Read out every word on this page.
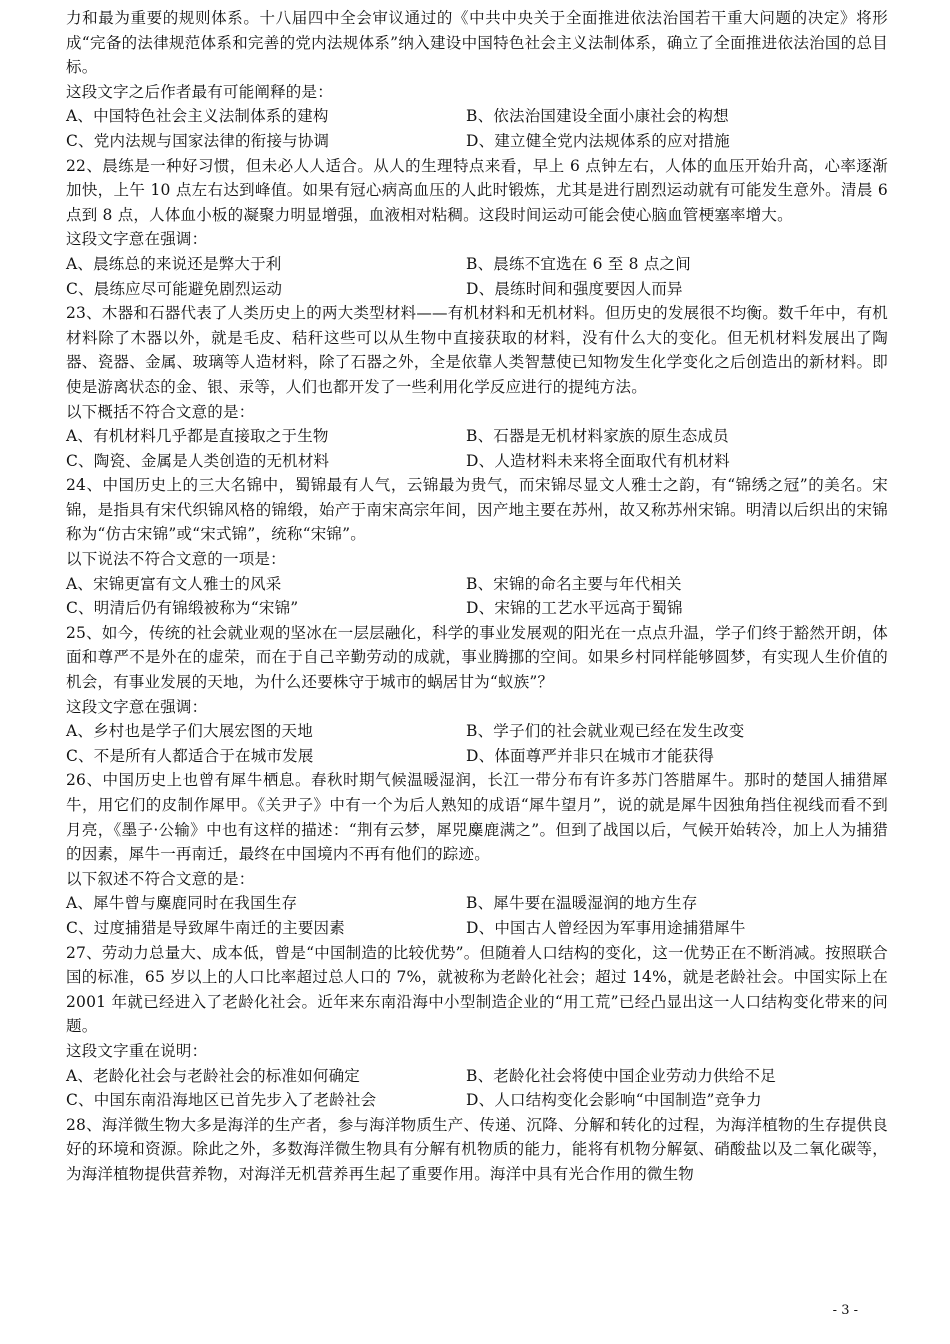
力和最为重要的规则体系。十八届四中全会审议通过的《中共中央关于全面推进依法治国若干重大问题的决定》将形成“完备的法律规范体系和完善的党内法规体系”纳入建设中国特色社会主义法制体系，确立了全面推进依法治国的总目标。

这段文字之后作者最有可能阐释的是：

A、中国特色社会主义法制体系的建构	B、依法治国建设全面小康社会的构想

C、党内法规与国家法律的衔接与协调	D、建立健全党内法规体系的应对措施

22、晨练是一种好习惯，但未必人人适合。从人的生理特点来看，早上 6 点钟左右，人体的血压开始升高，心率逐渐加快，上午 10 点左右达到峰值。如果有冠心病高血压的人此时锻炼，尤其是进行剧烈运动就有可能发生意外。清晨 6 点到 8 点，人体血小板的凝聚力明显增强，血液相对粘稠。这段时间运动可能会使心脑血管梗塞率增大。

这段文字意在强调：

A、晨练总的来说还是弊大于利	B、晨练不宜选在 6 至 8 点之间

C、晨练应尽可能避免剧烈运动	D、晨练时间和强度要因人而异

23、木器和石器代表了人类历史上的两大类型材料——有机材料和无机材料。但历史的发展很不均衡。数千年中，有机材料除了木器以外，就是毛皮、秸秆这些可以从生物中直接获取的材料，没有什么大的变化。但无机材料发展出了陶器、瓷器、金属、玻璃等人造材料，除了石器之外，全是依靠人类智慧使已知物发生化学变化之后创造出的新材料。即使是游离状态的金、银、汞等，人们也都开发了一些利用化学反应进行的提纯方法。

以下概括不符合文意的是：

A、有机材料几乎都是直接取之于生物	B、石器是无机材料家族的原生态成员

C、陶瓷、金属是人类创造的无机材料	D、人造材料未来将全面取代有机材料

24、中国历史上的三大名锦中，蜀锦最有人气，云锦最为贵气，而宋锦尽显文人雅士之韵，有“锦绣之冠”的美名。宋锦，是指具有宋代织锦风格的锦缎，始产于南宋高宗年间，因产地主要在苏州，故又称苏州宋锦。明清以后织出的宋锦称为“仿古宋锦”或“宋式锦”，统称“宋锦”。

以下说法不符合文意的一项是：

A、宋锦更富有文人雅士的风采	B、宋锦的命名主要与年代相关

C、明清后仍有锦缎被称为“宋锦”	D、宋锦的工艺水平远高于蜀锦

25、如今，传统的社会就业观的坚冰在一层层融化，科学的事业发展观的阳光在一点点升温，学子们终于豁然开朗，体面和尊严不是外在的虚荣，而在于自己辛勤劳动的成就，事业腾挪的空间。如果乡村同样能够圆梦，有实现人生价值的机会，有事业发展的天地，为什么还要株守于城市的蜗居甘为“蚁族”？

这段文字意在强调：

A、乡村也是学子们大展宏图的天地	B、学子们的社会就业观已经在发生改变

C、不是所有人都适合于在城市发展	D、体面尊严并非只在城市才能获得

26、中国历史上也曾有犀牛栖息。春秋时期气候温暖湿润，长江一带分布有许多苏门答腊犀牛。那时的楚国人捕猎犀牛，用它们的皮制作犀甲。《关尹子》中有一个为后人熟知的成语“犀牛望月”，说的就是犀牛因独角挡住视线而看不到月亮，《墨子·公输》中也有这样的描述：“荆有云梦，犀兕麋鹿满之”。但到了战国以后，气候开始转冷，加上人为捕猎的因素，犀牛一再南迁，最终在中国境内不再有他们的踪迹。

以下叙述不符合文意的是：

A、犀牛曾与麋鹿同时在我国生存	B、犀牛要在温暖湿润的地方生存

C、过度捕猎是导致犀牛南迁的主要因素	D、中国古人曾经因为军事用途捕猎犀牛

27、劳动力总量大、成本低，曾是“中国制造的比较优势”。但随着人口结构的变化，这一优势正在不断消减。按照联合国的标准，65 岁以上的人口比率超过总人口的 7%，就被称为老龄化社会；超过 14%，就是老龄社会。中国实际上在 2001 年就已经进入了老龄化社会。近年来东南沿海中小型制造企业的“用工荒”已经凸显出这一人口结构变化带来的问题。

这段文字重在说明：

A、老龄化社会与老龄社会的标准如何确定	B、老龄化社会将使中国企业劳动力供给不足

C、中国东南沿海地区已首先步入了老龄社会	D、人口结构变化会影响“中国制造”竞争力

28、海洋微生物大多是海洋的生产者，参与海洋物质生产、传递、沉降、分解和转化的过程，为海洋植物的生存提供良好的环境和资源。除此之外，多数海洋微生物具有分解有机物质的能力，能将有机物分解氨、硝酸盐以及二氧化碳等，为海洋植物提供营养物，对海洋无机营养再生起了重要作用。海洋中具有光合作用的微生物

- 3 -
